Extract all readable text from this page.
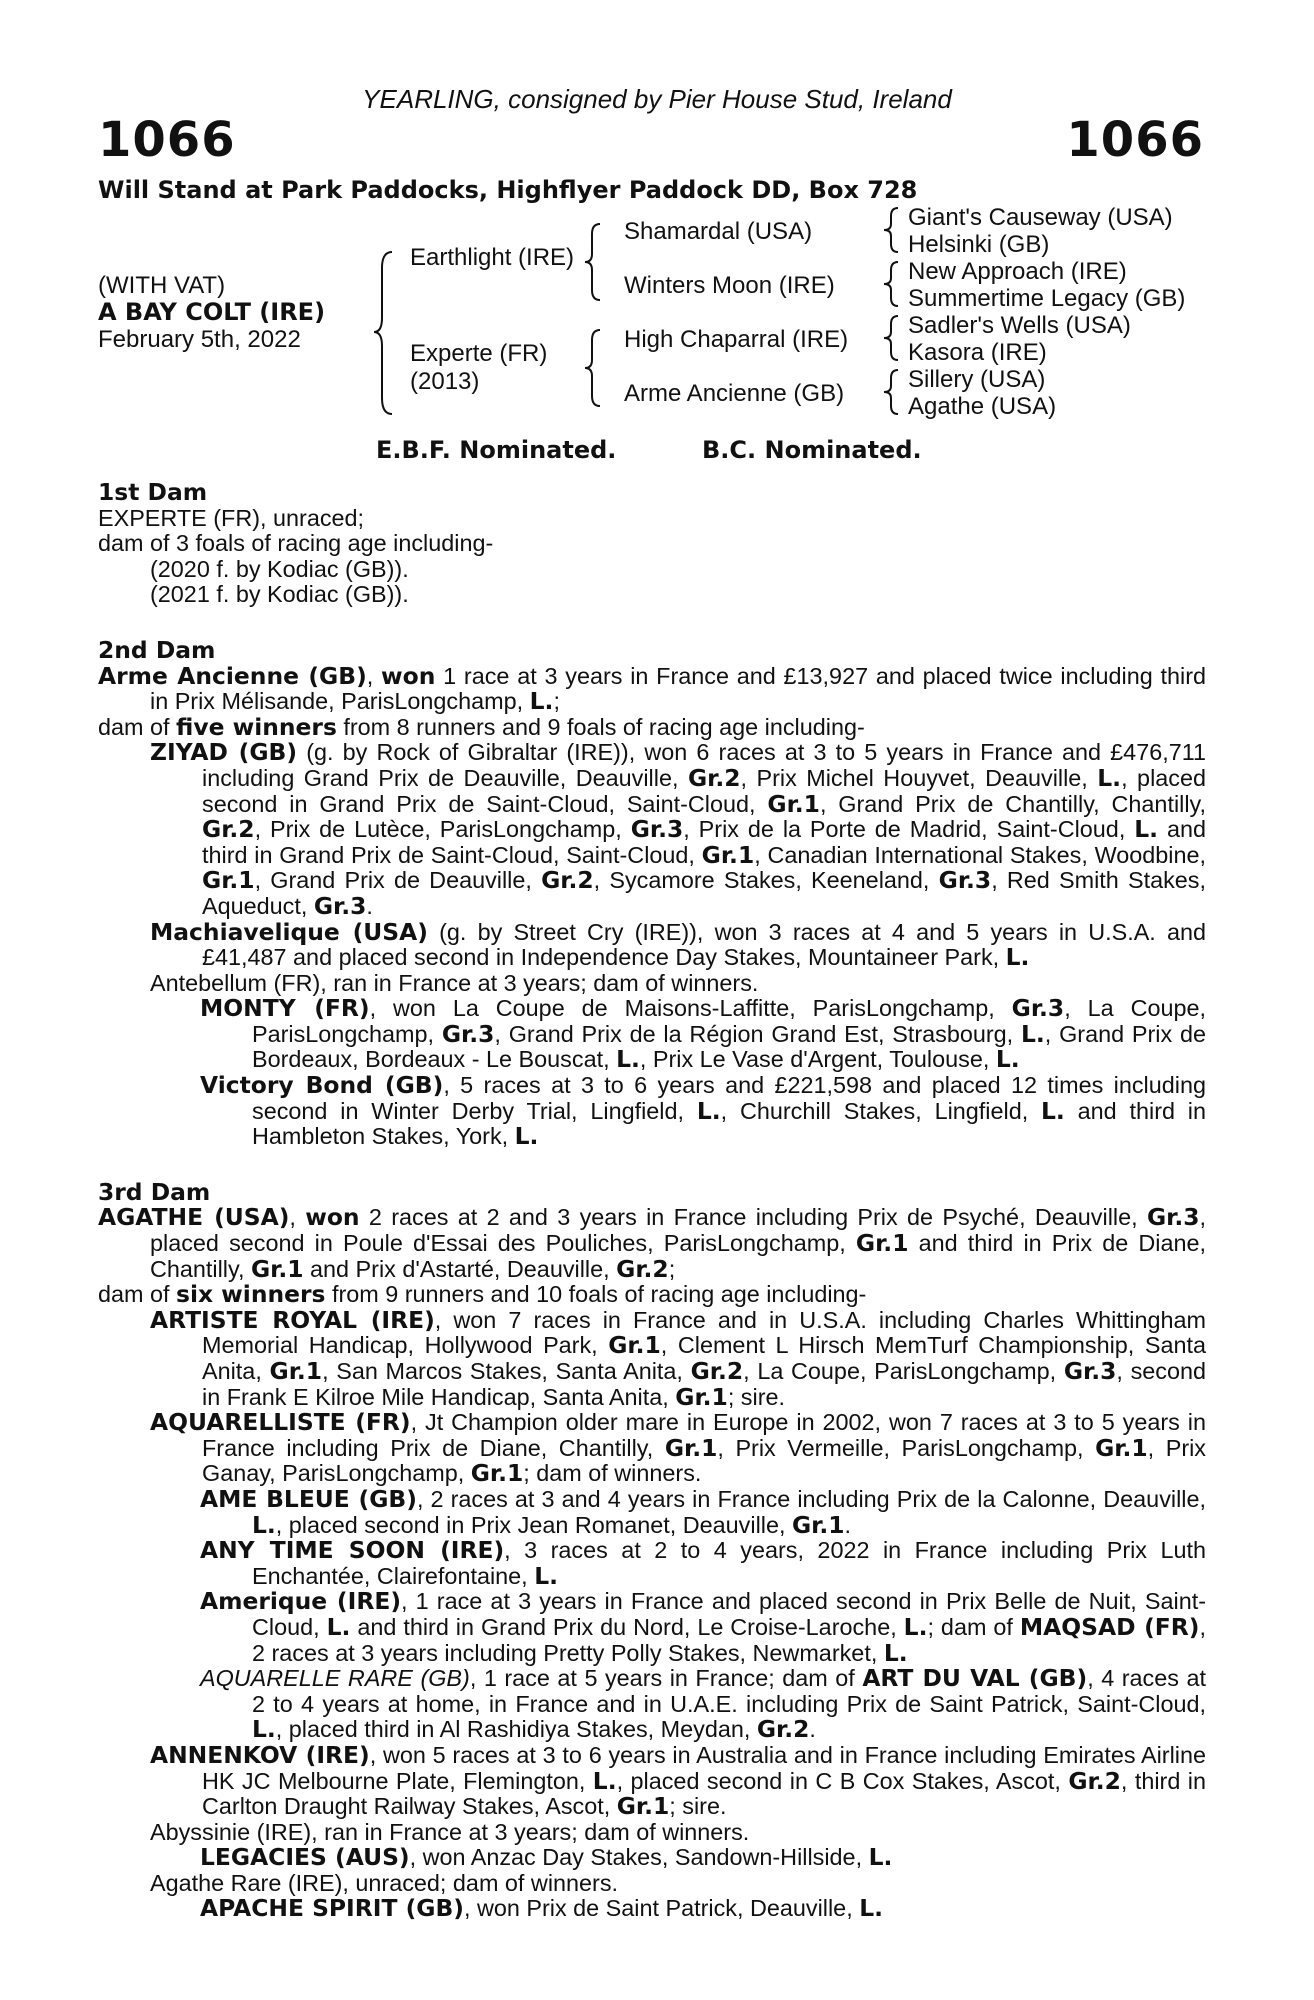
YEARLING, consigned by Pier House Stud, Ireland
1066	1066
Will Stand at Park Paddocks, Highflyer Paddock DD, Box 728
(WITH VAT)
A BAY COLT (IRE)
February 5th, 2022
Earthlight (IRE)
Experte (FR)
(2013)
Shamardal (USA)
Winters Moon (IRE)
High Chaparral (IRE)
Arme Ancienne (GB)
Giant's Causeway (USA)
Helsinki (GB)
New Approach (IRE)
Summertime Legacy (GB)
Sadler's Wells (USA)
Kasora (IRE)
Sillery (USA)
Agathe (USA)
E.B.F. Nominated.	B.C. Nominated.

1st Dam

EXPERTE (FR), unraced;

dam of 3 foals of racing age including-

(2020 f. by Kodiac (GB)).

(2021 f. by Kodiac (GB)).

2nd Dam

Arme Ancienne (GB), won 1 race at 3 years in France and £13,927 and placed twice including third in Prix Mélisande, ParisLongchamp, L.;

dam of five winners from 8 runners and 9 foals of racing age including-

ZIYAD (GB) (g. by Rock of Gibraltar (IRE)), won 6 races at 3 to 5 years in France and £476,711 including Grand Prix de Deauville, Deauville, Gr.2, Prix Michel Houyvet, Deauville, L., placed second in Grand Prix de Saint-Cloud, Saint-Cloud, Gr.1, Grand Prix de Chantilly, Chantilly, Gr.2, Prix de Lutèce, ParisLongchamp, Gr.3, Prix de la Porte de Madrid, Saint-Cloud, L. and third in Grand Prix de Saint-Cloud, Saint-Cloud, Gr.1, Canadian International Stakes, Woodbine, Gr.1, Grand Prix de Deauville, Gr.2, Sycamore Stakes, Keeneland, Gr.3, Red Smith Stakes, Aqueduct, Gr.3.

Machiavelique (USA) (g. by Street Cry (IRE)), won 3 races at 4 and 5 years in U.S.A. and £41,487 and placed second in Independence Day Stakes, Mountaineer Park, L.

Antebellum (FR), ran in France at 3 years; dam of winners.

MONTY (FR), won La Coupe de Maisons-Laffitte, ParisLongchamp, Gr.3, La Coupe, ParisLongchamp, Gr.3, Grand Prix de la Région Grand Est, Strasbourg, L., Grand Prix de Bordeaux, Bordeaux - Le Bouscat, L., Prix Le Vase d'Argent, Toulouse, L.

Victory Bond (GB), 5 races at 3 to 6 years and £221,598 and placed 12 times including second in Winter Derby Trial, Lingfield, L., Churchill Stakes, Lingfield, L. and third in Hambleton Stakes, York, L.

3rd Dam

AGATHE (USA), won 2 races at 2 and 3 years in France including Prix de Psyché, Deauville, Gr.3, placed second in Poule d'Essai des Pouliches, ParisLongchamp, Gr.1 and third in Prix de Diane, Chantilly, Gr.1 and Prix d'Astarté, Deauville, Gr.2;

dam of six winners from 9 runners and 10 foals of racing age including-

ARTISTE ROYAL (IRE), won 7 races in France and in U.S.A. including Charles Whittingham Memorial Handicap, Hollywood Park, Gr.1, Clement L Hirsch MemTurf Championship, Santa Anita, Gr.1, San Marcos Stakes, Santa Anita, Gr.2, La Coupe, ParisLongchamp, Gr.3, second in Frank E Kilroe Mile Handicap, Santa Anita, Gr.1; sire.

AQUARELLISTE (FR), Jt Champion older mare in Europe in 2002, won 7 races at 3 to 5 years in France including Prix de Diane, Chantilly, Gr.1, Prix Vermeille, ParisLongchamp, Gr.1, Prix Ganay, ParisLongchamp, Gr.1; dam of winners.

AME BLEUE (GB), 2 races at 3 and 4 years in France including Prix de la Calonne, Deauville, L., placed second in Prix Jean Romanet, Deauville, Gr.1.

ANY TIME SOON (IRE), 3 races at 2 to 4 years, 2022 in France including Prix Luth Enchantée, Clairefontaine, L.

Amerique (IRE), 1 race at 3 years in France and placed second in Prix Belle de Nuit, Saint-Cloud, L. and third in Grand Prix du Nord, Le Croise-Laroche, L.; dam of MAQSAD (FR), 2 races at 3 years including Pretty Polly Stakes, Newmarket, L.

AQUARELLE RARE (GB), 1 race at 5 years in France; dam of ART DU VAL (GB), 4 races at 2 to 4 years at home, in France and in U.A.E. including Prix de Saint Patrick, Saint-Cloud, L., placed third in Al Rashidiya Stakes, Meydan, Gr.2.

ANNENKOV (IRE), won 5 races at 3 to 6 years in Australia and in France including Emirates Airline HK JC Melbourne Plate, Flemington, L., placed second in C B Cox Stakes, Ascot, Gr.2, third in Carlton Draught Railway Stakes, Ascot, Gr.1; sire.

Abyssinie (IRE), ran in France at 3 years; dam of winners.

LEGACIES (AUS), won Anzac Day Stakes, Sandown-Hillside, L.

Agathe Rare (IRE), unraced; dam of winners.

APACHE SPIRIT (GB), won Prix de Saint Patrick, Deauville, L.
